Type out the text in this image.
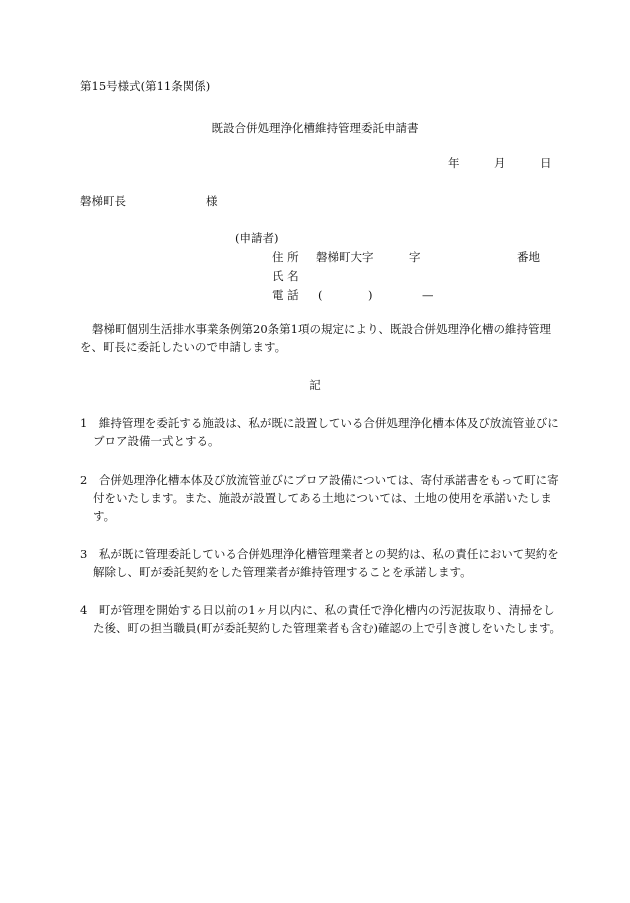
第15号様式(第11条関係)
既設合併処理浄化槽維持管理委託申請書
年	月	日
磐梯町長	様
(申請者)
住 所 磐梯町大字	字	番地
氏 名
電 話 (	)	—
磐梯町個別生活排水事業条例第20条第1項の規定により、既設合併処理浄化槽の維持管理を、町長に委託したいので申請します。
記
1　維持管理を委託する施設は、私が既に設置している合併処理浄化槽本体及び放流管並びにブロア設備一式とする。
2　合併処理浄化槽本体及び放流管並びにブロア設備については、寄付承諾書をもって町に寄付をいたします。また、施設が設置してある土地については、土地の使用を承諾いたします。
3　私が既に管理委託している合併処理浄化槽管理業者との契約は、私の責任において契約を解除し、町が委託契約をした管理業者が維持管理することを承諾します。
4　町が管理を開始する日以前の1ヶ月以内に、私の責任で浄化槽内の汚泥抜取り、清掃をした後、町の担当職員(町が委託契約した管理業者も含む)確認の上で引き渡しをいたします。
